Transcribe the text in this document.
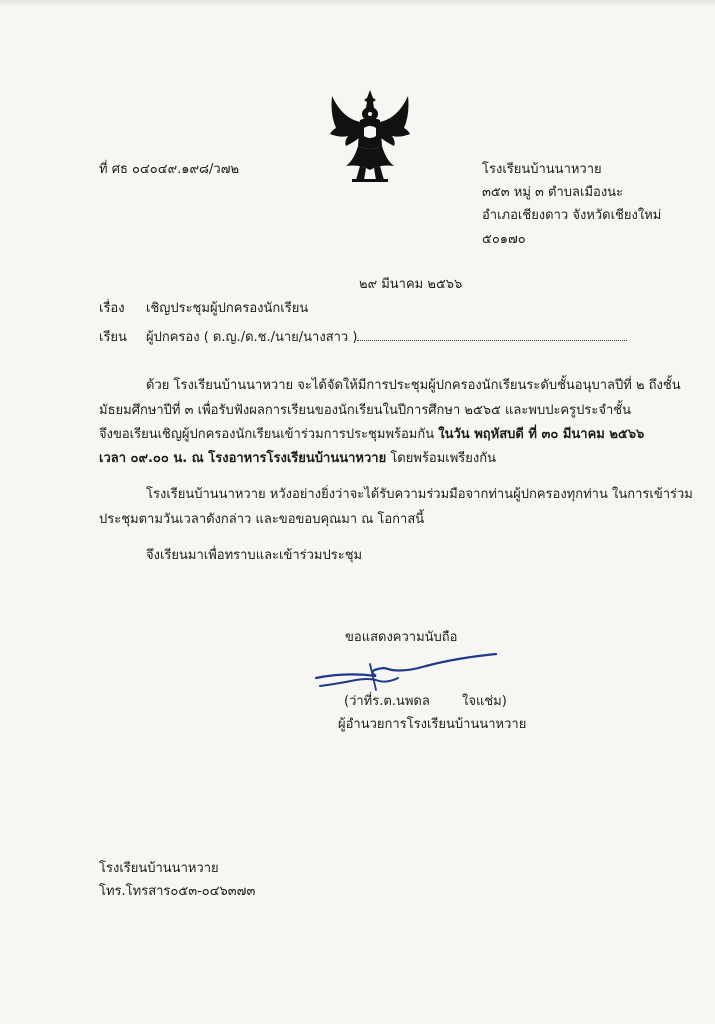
ที่ ศธ ๐๔๐๔๙.๑๙๘/ว๗๒	โรงเรียนบ้านนาหวาย
๓๕๓ หมู่ ๓ ตำบลเมืองนะ
อำเภอเชียงดาว จังหวัดเชียงใหม่
๕๐๑๗๐
๒๙ มีนาคม ๒๕๖๖
เรื่อง เชิญประชุมผู้ปกครองนักเรียน
เรียน ผู้ปกครอง ( ด.ญ./ด.ช./นาย/นางสาว )
ด้วย โรงเรียนบ้านนาหวาย จะได้จัดให้มีการประชุมผู้ปกครองนักเรียนระดับชั้นอนุบาลปีที่ ๒ ถึงชั้น
มัธยมศึกษาปีที่ ๓ เพื่อรับฟังผลการเรียนของนักเรียนในปีการศึกษา ๒๕๖๕ และพบปะครูประจำชั้น
จึงขอเรียนเชิญผู้ปกครองนักเรียนเข้าร่วมการประชุมพร้อมกัน ในวัน พฤหัสบดี ที่ ๓๐ มีนาคม ๒๕๖๖
เวลา ๐๙.๐๐ น. ณ โรงอาหารโรงเรียนบ้านนาหวาย โดยพร้อมเพรียงกัน
โรงเรียนบ้านนาหวาย หวังอย่างยิ่งว่าจะได้รับความร่วมมือจากท่านผู้ปกครองทุกท่าน ในการเข้าร่วม
ประชุมตามวันเวลาดังกล่าว และขอขอบคุณมา ณ โอกาสนี้
จึงเรียนมาเพื่อทราบและเข้าร่วมประชุม
ขอแสดงความนับถือ
(ว่าที่ร.ต.นพดล ใจแช่ม)
ผู้อำนวยการโรงเรียนบ้านนาหวาย
โรงเรียนบ้านนาหวาย
โทร.โทรสาร๐๕๓-๐๔๖๓๗๓
